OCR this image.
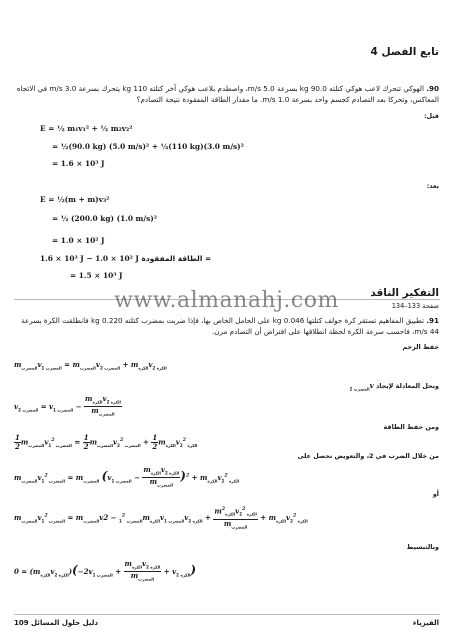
تابع الفصل 4
90. الهوكي تتحرك لاعب هوكي كتلته 90.0 kg بسرعة 5.0 m/s، واصطدم بلاعب هوكي آخر كتلته 110 kg يتحرك بسرعة 3.0 m/s في الاتجاه المعاكس، وتحركا بعد التصادم كجسم واحد بسرعة 1.0 m/s. ما مقدار الطاقة المفقودة نتيجة التصادم؟
قبل:
E = ½ m₁v₁² + ½ m₂v₂²
= ½(90.0 kg) (5.0 m/s)² + ½(110 kg)(3.0 m/s)²
= 1.6 × 10³ J
بعد:
E = ½(m + m)v₃²
= ½ (200.0 kg) (1.0 m/s)²
= 1.0 × 10² J
1.6 × 10³ J − 1.0 × 10² J الطاقة المفقودة =
= 1.5 × 10³ J
التفكير الناقد
صفحة 133–134
www.almanahj.com
91. تطبيق المفاهيم تستقر كرة جولف كتلتها 0.046 kg على الحامل الخاص بها، فإذا ضربت بمضرب كتلته 0.220 kg فانطلقت الكرة بسرعة 44 m/s، فاحسب سرعة الكرة لحظة انطلاقها على افتراض أن التصادم مرن.
حفظ الزخم
$m_{المضرب}v_{المضرب 1} = m_{المضرب}v_{المضرب 2} + m_{الكرة}v_{الكرة 2}$
وبحل المعادلة لإيجاد $v_{المضرب 2}$
$v_{المضرب 2} = v_{المضرب 1} - \frac{m_{الكرة}v_{الكرة 2}}{m_{المضرب}}$
ومن حفظ الطاقة
$\frac{1}{2} m_{المضرب}v_{المضرب 1}^2 = \frac{1}{2} m_{المضرب}v_{المضرب 2}^2 + \frac{1}{2} m_{الكرة}v_{الكرة 2}^2$
من خلال الضرب في 2، والتعويض نحصل على
$m_{المضرب}v_{المضرب 1}^2 = m_{المضرب}$ $(v_{المضرب 1} - \frac{m_{الكرة}v_{الكرة 2}}{m_{المضرب}} )^2 + m_{الكرة}v_{الكرة 2}^2$
أو
$m_{المضرب}v_{المضرب 1}^2 = m_{المضرب}v$	$_{المضرب 1}^2 - 2m_{الكرة}v_{المضرب 1}v_{الكرة 2} + \frac{m _{الكرة}^2 v_{الكرة 2}^2}{m_{المضرب}} + m_{الكرة}v_{الكرة 2}^2$
وبالتبسيط
$0 = (m_{الكرة}v_{الكرة 2})(-2v_{المضرب 1} + \frac{m_{الكرة}v_{الكرة 2}}{m_{المضرب}} + v_{الكرة 2})$
دليل حلول المسائل 109	الفيزياء
